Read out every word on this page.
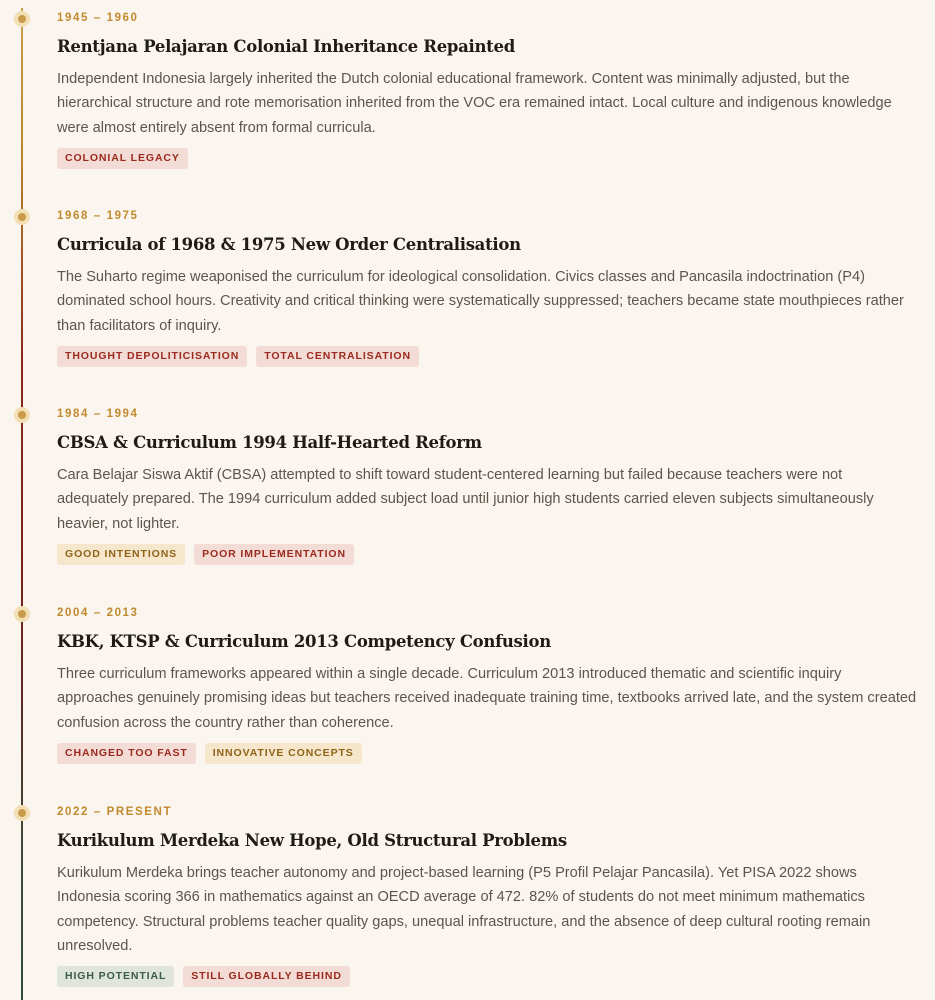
1945 – 1960

Rentjana Pelajaran Colonial Inheritance Repainted

Independent Indonesia largely inherited the Dutch colonial educational framework. Content was minimally adjusted, but the hierarchical structure and rote memorisation inherited from the VOC era remained intact. Local culture and indigenous knowledge were almost entirely absent from formal curricula.

COLONIAL LEGACY

1968 – 1975

Curricula of 1968 & 1975 New Order Centralisation

The Suharto regime weaponised the curriculum for ideological consolidation. Civics classes and Pancasila indoctrination (P4) dominated school hours. Creativity and critical thinking were systematically suppressed; teachers became state mouthpieces rather than facilitators of inquiry.

THOUGHT DEPOLITICISATION	TOTAL CENTRALISATION

1984 – 1994

CBSA & Curriculum 1994 Half-Hearted Reform

Cara Belajar Siswa Aktif (CBSA) attempted to shift toward student-centered learning but failed because teachers were not adequately prepared. The 1994 curriculum added subject load until junior high students carried eleven subjects simultaneously heavier, not lighter.

GOOD INTENTIONS	POOR IMPLEMENTATION

2004 – 2013

KBK, KTSP & Curriculum 2013 Competency Confusion

Three curriculum frameworks appeared within a single decade. Curriculum 2013 introduced thematic and scientific inquiry approaches genuinely promising ideas but teachers received inadequate training time, textbooks arrived late, and the system created confusion across the country rather than coherence.

CHANGED TOO FAST	INNOVATIVE CONCEPTS

2022 – PRESENT

Kurikulum Merdeka New Hope, Old Structural Problems

Kurikulum Merdeka brings teacher autonomy and project-based learning (P5 Profil Pelajar Pancasila). Yet PISA 2022 shows Indonesia scoring 366 in mathematics against an OECD average of 472. 82% of students do not meet minimum mathematics competency. Structural problems teacher quality gaps, unequal infrastructure, and the absence of deep cultural rooting remain unresolved.

HIGH POTENTIAL	STILL GLOBALLY BEHIND
